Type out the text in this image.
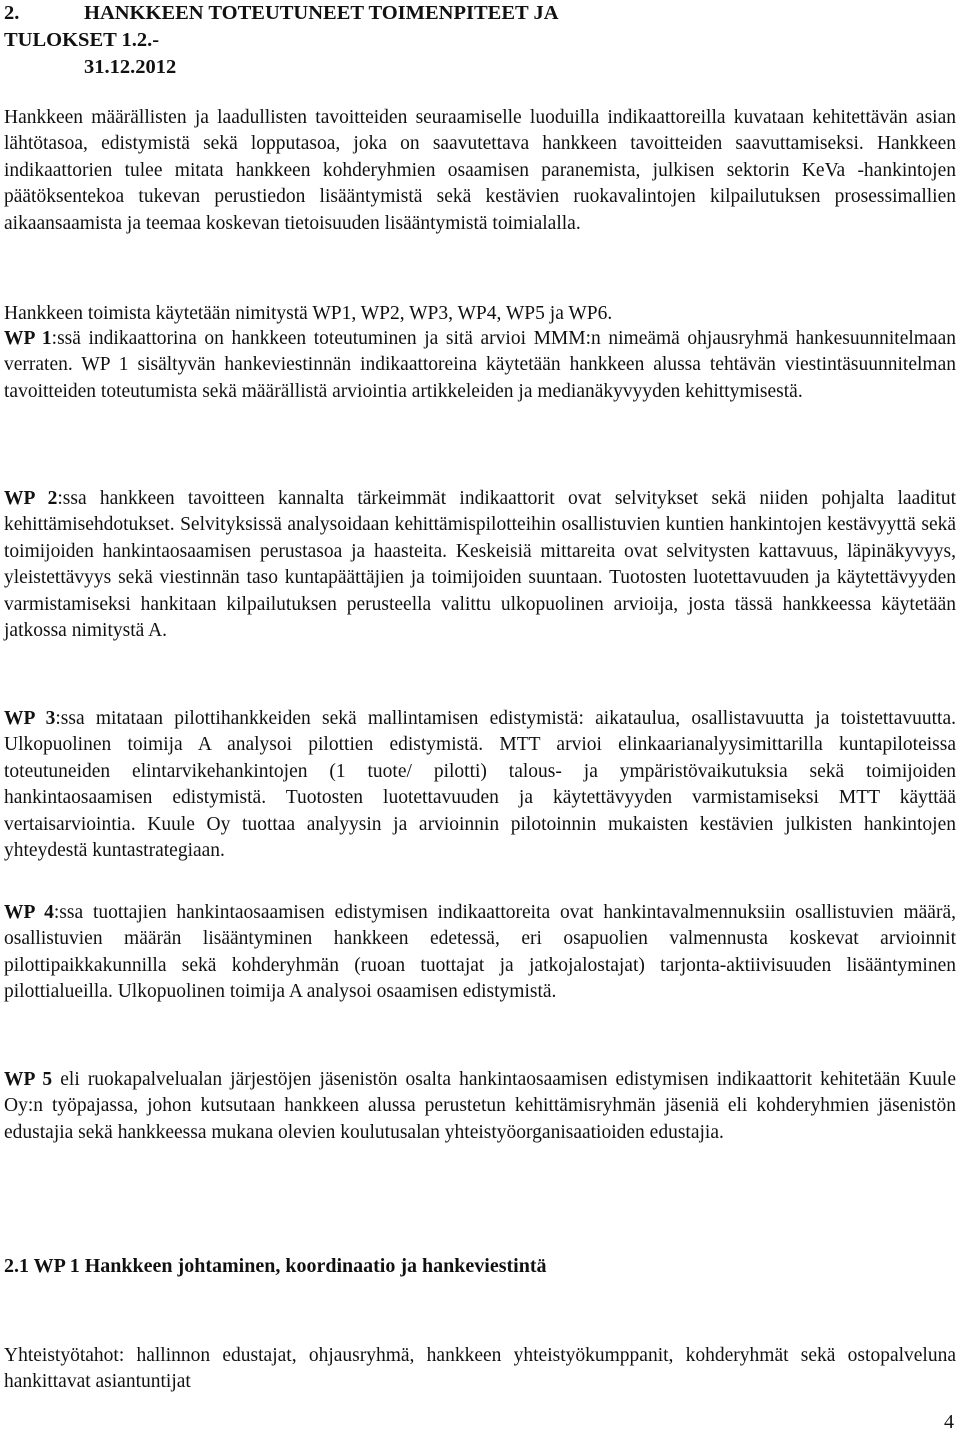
2.	HANKKEEN TOTEUTUNEET TOIMENPITEET JA TULOKSET 1.2.-
31.12.2012

Hankkeen määrällisten ja laadullisten tavoitteiden seuraamiselle luoduilla indikaattoreilla kuvataan kehitettävän asian lähtötasoa, edistymistä sekä lopputasoa, joka on saavutettava hankkeen tavoitteiden saavuttamiseksi. Hankkeen indikaattorien tulee mitata hankkeen kohderyhmien osaamisen paranemista, julkisen sektorin KeVa -hankintojen päätöksentekoa tukevan perustiedon lisääntymistä sekä kestävien ruokavalintojen kilpailutuksen prosessimallien aikaansaamista ja teemaa koskevan tietoisuuden lisääntymistä toimialalla.

Hankkeen toimista käytetään nimitystä WP1, WP2, WP3, WP4, WP5 ja WP6.

WP 1:ssä indikaattorina on hankkeen toteutuminen ja sitä arvioi MMM:n nimeämä ohjausryhmä hankesuunnitelmaan verraten. WP 1 sisältyvän hankeviestinnän indikaattoreina käytetään hankkeen alussa tehtävän viestintäsuunnitelman tavoitteiden toteutumista sekä määrällistä arviointia artikkeleiden ja medianäkyvyyden kehittymisestä.

WP 2:ssa hankkeen tavoitteen kannalta tärkeimmät indikaattorit ovat selvitykset sekä niiden pohjalta laaditut kehittämisehdotukset. Selvityksissä analysoidaan kehittämispilotteihin osallistuvien kuntien hankintojen kestävyyttä sekä toimijoiden hankintaosaamisen perustasoa ja haasteita. Keskeisiä mittareita ovat selvitysten kattavuus, läpinäkyvyys, yleistettävyys sekä viestinnän taso kuntapäättäjien ja toimijoiden suuntaan. Tuotosten luotettavuuden ja käytettävyyden varmistamiseksi hankitaan kilpailutuksen perusteella valittu ulkopuolinen arvioija, josta tässä hankkeessa käytetään jatkossa nimitystä A.

WP 3:ssa mitataan pilottihankkeiden sekä mallintamisen edistymistä: aikataulua, osallistavuutta ja toistettavuutta. Ulkopuolinen toimija A analysoi pilottien edistymistä. MTT arvioi elinkaarianalyysimittarilla kuntapiloteissa toteutuneiden elintarvikehankintojen (1 tuote/ pilotti) talous- ja ympäristövaikutuksia sekä toimijoiden hankintaosaamisen edistymistä. Tuotosten luotettavuuden ja käytettävyyden varmistamiseksi MTT käyttää vertaisarviointia. Kuule Oy tuottaa analyysin ja arvioinnin pilotoinnin mukaisten kestävien julkisten hankintojen yhteydestä kuntastrategiaan.

WP 4:ssa tuottajien hankintaosaamisen edistymisen indikaattoreita ovat hankintavalmennuksiin osallistuvien määrä, osallistuvien määrän lisääntyminen hankkeen edetessä, eri osapuolien valmennusta koskevat arvioinnit pilottipaikkakunnilla sekä kohderyhmän (ruoan tuottajat ja jatkojalostajat) tarjonta-aktiivisuuden lisääntyminen pilottialueilla. Ulkopuolinen toimija A analysoi osaamisen edistymistä.

WP 5 eli ruokapalvelualan järjestöjen jäsenistön osalta hankintaosaamisen edistymisen indikaattorit kehitetään Kuule Oy:n työpajassa, johon kutsutaan hankkeen alussa perustetun kehittämisryhmän jäseniä eli kohderyhmien jäsenistön edustajia sekä hankkeessa mukana olevien koulutusalan yhteistyöorganisaatioiden edustajia.

2.1 WP 1 Hankkeen johtaminen, koordinaatio ja hankeviestintä

Yhteistyötahot: hallinnon edustajat, ohjausryhmä, hankkeen yhteistyökumppanit, kohderyhmät sekä ostopalveluna hankittavat asiantuntijat

4
